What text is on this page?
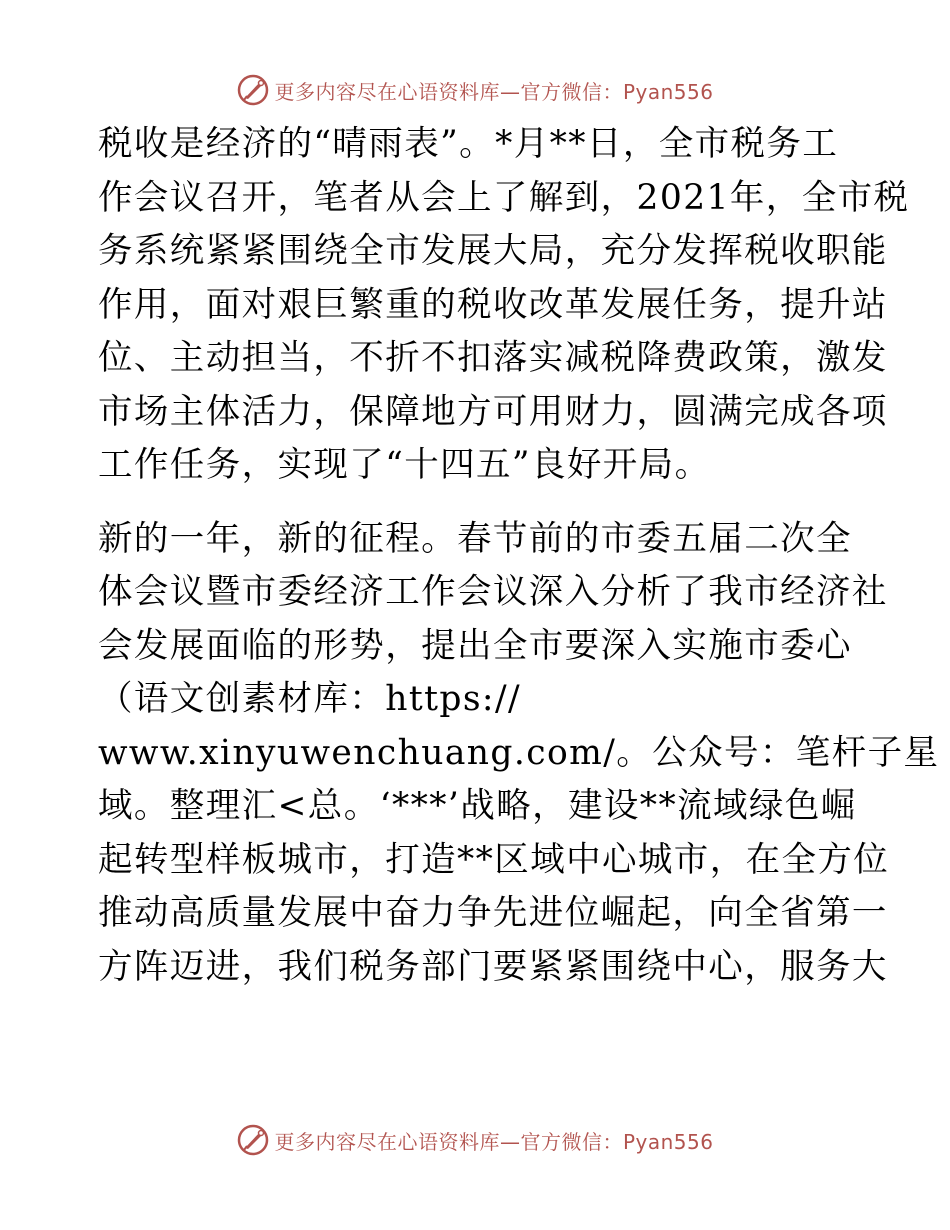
更多内容尽在心语资料库—官方微信：Pyan556
税收是经济的“晴雨表”。*月**日，全市税务工
作会议召开，笔者从会上了解到，2021年，全市税
务系统紧紧围绕全市发展大局，充分发挥税收职能
作用，面对艰巨繁重的税收改革发展任务，提升站
位、主动担当，不折不扣落实减税降费政策，激发
市场主体活力，保障地方可用财力，圆满完成各项
工作任务，实现了“十四五”良好开局。
新的一年，新的征程。春节前的市委五届二次全
体会议暨市委经济工作会议深入分析了我市经济社
会发展面临的形势，提出全市要深入实施市委心
（语文创素材库：https://
www.xinyuwenchuang.com/。公众号：笔杆子星
域。整理汇<总。‘***’战略，建设**流域绿色崛
起转型样板城市，打造**区域中心城市，在全方位
推动高质量发展中奋力争先进位崛起，向全省第一
方阵迈进，我们税务部门要紧紧围绕中心，服务大
更多内容尽在心语资料库—官方微信：Pyan556
